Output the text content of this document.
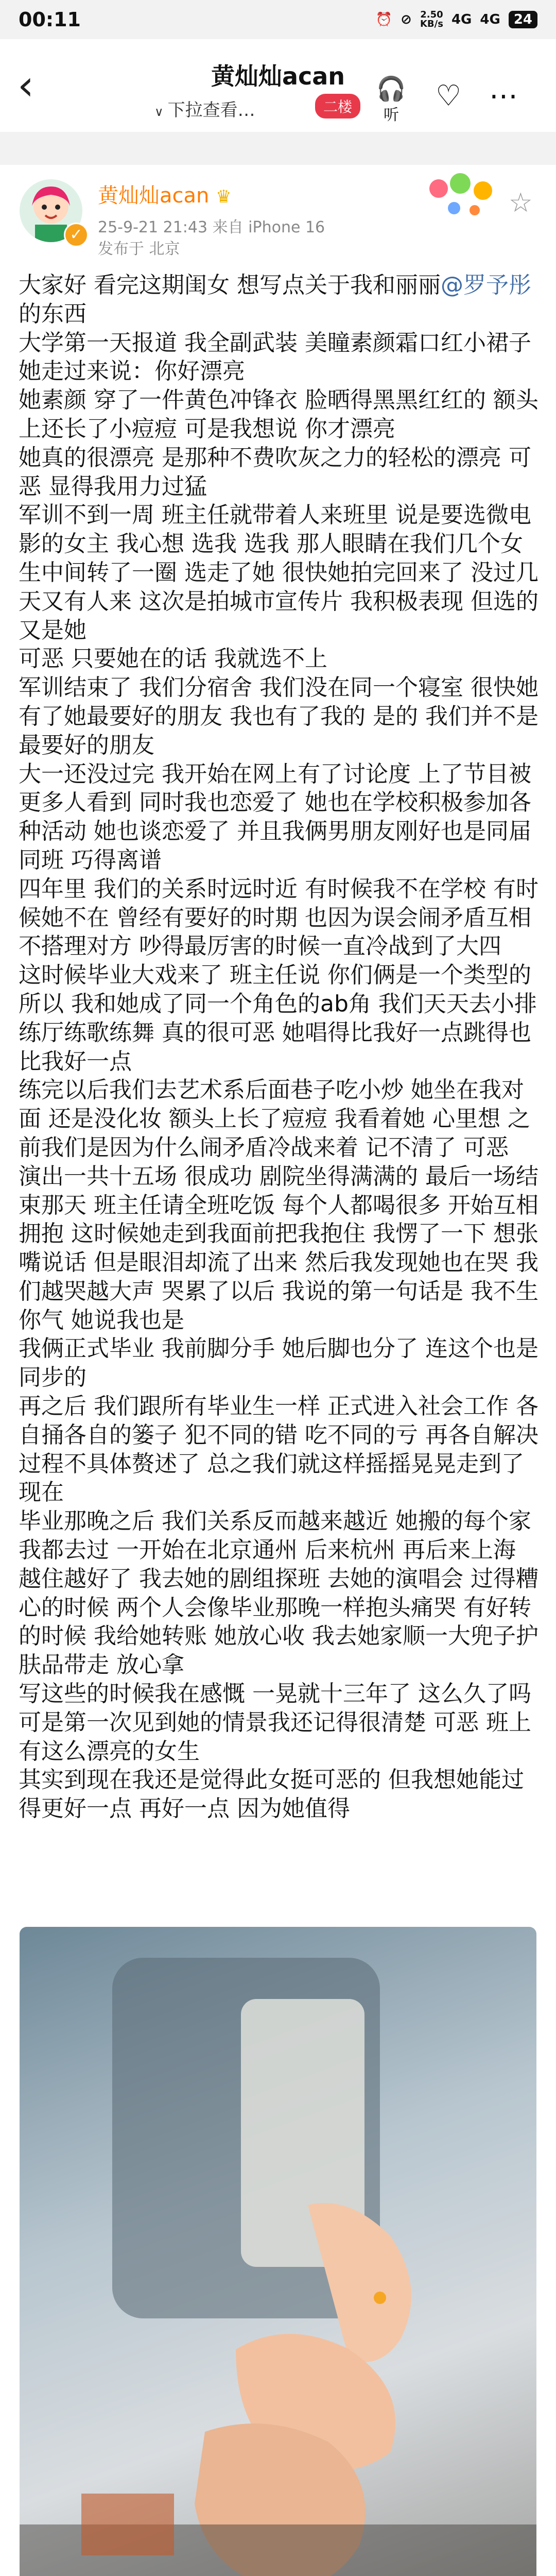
00:11	⏰ ⊘ 2.50
KB/s 4G 4G	24
‹	黄灿灿acan
∨ 下拉查看…	二楼
🎧
听
♡ ⋯
✓
黄灿灿acan ♛
25-9-21 21:43 来自 iPhone 16
发布于 北京
☆

大家好 看完这期闺女 想写点关于我和丽丽@罗予彤 的东西

大学第一天报道 我全副武装 美瞳素颜霜口红小裙子 她走过来说：你好漂亮

她素颜 穿了一件黄色冲锋衣 脸晒得黑黑红红的 额头上还长了小痘痘 可是我想说 你才漂亮

她真的很漂亮 是那种不费吹灰之力的轻松的漂亮 可恶 显得我用力过猛

军训不到一周 班主任就带着人来班里 说是要选微电影的女主 我心想 选我 选我 那人眼睛在我们几个女生中间转了一圈 选走了她 很快她拍完回来了 没过几天又有人来 这次是拍城市宣传片 我积极表现 但选的又是她

可恶 只要她在的话 我就选不上

军训结束了 我们分宿舍 我们没在同一个寝室 很快她有了她最要好的朋友 我也有了我的 是的 我们并不是最要好的朋友

大一还没过完 我开始在网上有了讨论度 上了节目被更多人看到 同时我也恋爱了 她也在学校积极参加各种活动 她也谈恋爱了 并且我俩男朋友刚好也是同届同班 巧得离谱

四年里 我们的关系时远时近 有时候我不在学校 有时候她不在 曾经有要好的时期 也因为误会闹矛盾互相不搭理对方 吵得最厉害的时候一直冷战到了大四

这时候毕业大戏来了 班主任说 你们俩是一个类型的 所以 我和她成了同一个角色的ab角 我们天天去小排练厅练歌练舞 真的很可恶 她唱得比我好一点跳得也比我好一点

练完以后我们去艺术系后面巷子吃小炒 她坐在我对面 还是没化妆 额头上长了痘痘 我看着她 心里想 之前我们是因为什么闹矛盾冷战来着 记不清了 可恶

演出一共十五场 很成功 剧院坐得满满的 最后一场结束那天 班主任请全班吃饭 每个人都喝很多 开始互相拥抱 这时候她走到我面前把我抱住 我愣了一下 想张嘴说话 但是眼泪却流了出来 然后我发现她也在哭 我们越哭越大声 哭累了以后 我说的第一句话是 我不生你气 她说我也是

我俩正式毕业 我前脚分手 她后脚也分了 连这个也是同步的

再之后 我们跟所有毕业生一样 正式进入社会工作 各自捅各自的篓子 犯不同的错 吃不同的亏 再各自解决 过程不具体赘述了 总之我们就这样摇摇晃晃走到了现在

毕业那晚之后 我们关系反而越来越近 她搬的每个家我都去过 一开始在北京通州 后来杭州 再后来上海 越住越好了 我去她的剧组探班 去她的演唱会 过得糟心的时候 两个人会像毕业那晚一样抱头痛哭 有好转的时候 我给她转账 她放心收 我去她家顺一大兜子护肤品带走 放心拿

写这些的时候我在感慨 一晃就十三年了 这么久了吗 可是第一次见到她的情景我还记得很清楚 可恶 班上有这么漂亮的女生

其实到现在我还是觉得此女挺可恶的 但我想她能过得更好一点 再好一点 因为她值得
